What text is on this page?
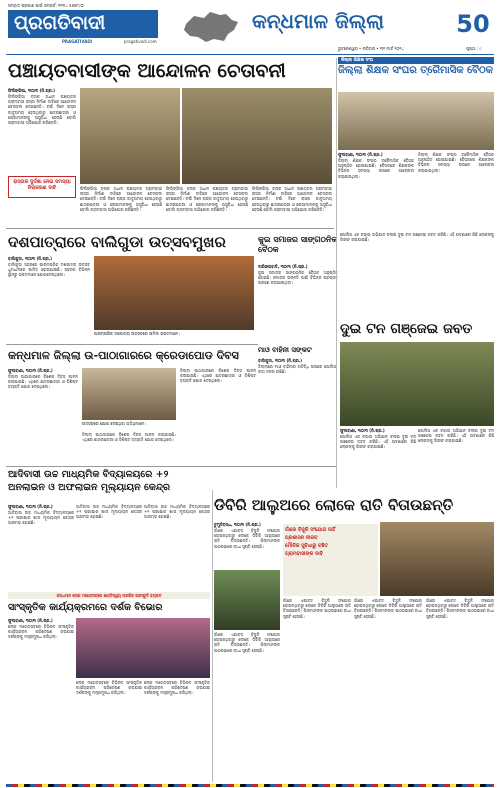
ସମ୍ବାଦ ପ୍ରକାଶ ପାଇଁ ସମ୍ପର୍କ: ୧୨୩୪ ୫୬୭୮୯୦
ପ୍ରଗତିବାଦୀ
PRAGATIVADI	pragativadi.com
କନ୍ଧମାଳ ଜିଲ୍ଲା	50
ଭୁବନେଶ୍ୱର • ରବିବାର • ୩୧ ମାର୍ଚ୍ଚ ୨୦୨୪	ପୃଷ୍ଠା : ୯
ପଞ୍ଚାୟତବାସୀଙ୍କ ଆନ୍ଦୋଳନ ଚେତାବନୀ
ଫିରିଙ୍ଗିଆ, ୩୦ା୩ (ନି.ପ୍ର.)
ଫିରିଙ୍ଗିଆ ବ୍ଲକ ଅଧୀନ ପଞ୍ଚାୟତର ଗ୍ରାମବାସୀ ରାସ୍ତା ନିର୍ମାଣ ଦାବିରେ ଆନ୍ଦୋଳନ ଚେତାବନୀ ଦେଇଛନ୍ତି। ବର୍ଷା ଦିନେ ରାସ୍ତା କାଦୁଅମୟ ହେଉଥିବାରୁ ଛାତ୍ରଛାତ୍ରୀ ଓ ରୋଗୀମାନଙ୍କୁ ଅସୁବିଧା ହେଉଛି ବୋଲି ଗ୍ରାମବାସୀ ଅଭିଯୋଗ କରିଛନ୍ତି।
ରାସ୍ତାର ଦୁର୍ଦ୍ଦଶା ନେଇ ସମସ୍ୟା ନିରାକରଣ ଦାବି	ଫିରିଙ୍ଗିଆ ବ୍ଲକ ଅଧୀନ ପଞ୍ଚାୟତର ଗ୍ରାମବାସୀ ରାସ୍ତା ନିର୍ମାଣ ଦାବିରେ ଆନ୍ଦୋଳନ ଚେତାବନୀ ଦେଇଛନ୍ତି। ବର୍ଷା ଦିନେ ରାସ୍ତା କାଦୁଅମୟ ହେଉଥିବାରୁ ଛାତ୍ରଛାତ୍ରୀ ଓ ରୋଗୀମାନଙ୍କୁ ଅସୁବିଧା ହେଉଛି ବୋଲି ଗ୍ରାମବାସୀ ଅଭିଯୋଗ କରିଛନ୍ତି।
ଫିରିଙ୍ଗିଆ ବ୍ଲକ ଅଧୀନ ପଞ୍ଚାୟତର ଗ୍ରାମବାସୀ ରାସ୍ତା ନିର୍ମାଣ ଦାବିରେ ଆନ୍ଦୋଳନ ଚେତାବନୀ ଦେଇଛନ୍ତି। ବର୍ଷା ଦିନେ ରାସ୍ତା କାଦୁଅମୟ ହେଉଥିବାରୁ ଛାତ୍ରଛାତ୍ରୀ ଓ ରୋଗୀମାନଙ୍କୁ ଅସୁବିଧା ହେଉଛି ବୋଲି ଗ୍ରାମବାସୀ ଅଭିଯୋଗ କରିଛନ୍ତି।
ଫିରିଙ୍ଗିଆ ବ୍ଲକ ଅଧୀନ ପଞ୍ଚାୟତର ଗ୍ରାମବାସୀ ରାସ୍ତା ନିର୍ମାଣ ଦାବିରେ ଆନ୍ଦୋଳନ ଚେତାବନୀ ଦେଇଛନ୍ତି। ବର୍ଷା ଦିନେ ରାସ୍ତା କାଦୁଅମୟ ହେଉଥିବାରୁ ଛାତ୍ରଛାତ୍ରୀ ଓ ରୋଗୀମାନଙ୍କୁ ଅସୁବିଧା ହେଉଛି ବୋଲି ଗ୍ରାମବାସୀ ଅଭିଯୋଗ କରିଛନ୍ତି।
ଜିଲ୍ଲା ଶିକ୍ଷକ ସଂଘ
ଜିଲ୍ଲା ଶିକ୍ଷକ ସଂଘର ତ୍ରୈମାସିକ ବୈଠକ
ଫୁଲବାଣୀ, ୩୦ା୩ (ନି.ପ୍ର.)
ଜିଲ୍ଲା ଶିକ୍ଷକ ସଂଘର ତ୍ରୈମାସିକ ବୈଠକ ଅନୁଷ୍ଠିତ ହୋଇଯାଇଛି। ବୈଠକରେ ଶିକ୍ଷକଙ୍କ ବିଭିନ୍ନ ସମସ୍ୟା ଉପରେ ଆଲୋଚନା କରାଯାଇଥିଲା।
ଜିଲ୍ଲା ଶିକ୍ଷକ ସଂଘର ତ୍ରୈମାସିକ ବୈଠକ ଅନୁଷ୍ଠିତ ହୋଇଯାଇଛି। ବୈଠକରେ ଶିକ୍ଷକଙ୍କ ବିଭିନ୍ନ ସମସ୍ୟା ଉପରେ ଆଲୋଚନା କରାଯାଇଥିଲା।
ଦଶପାତ୍ରାରେ ବାଲିଗୁଡା ଉତ୍ସବମୁଖର
ବାଲିଗୁଡା, ୩୦ା୩ (ନି.ପ୍ର.)
ବାଲିଗୁଡା ସହରରେ ପାରମ୍ପରିକ ଦଶପାତ୍ରା ଉତ୍ସବ ଧୁମଧାମରେ ପାଳିତ ହୋଇଯାଇଛି। ସହରର ବିଭିନ୍ନ ସ୍ଥାନରୁ ଭକ୍ତମାନେ ଯୋଗଦେଇଥିଲେ।
ପାରମ୍ପରିକ ଦଶପାତ୍ରା ଉତ୍ସବରେ ସାମିଲ ଭକ୍ତମାନେ।
କୁଇ ସମାଜର ସାଙ୍ଗଠନିକ ବୈଠକ
ଦାରିଙ୍ଗବାଡି, ୩୦ା୩ (ନି.ପ୍ର.)
କୁଇ ସମାଜର ସାଙ୍ଗଠନିକ ବୈଠକ ଅନୁଷ୍ଠିତ ହୋଇଛି। ସମାଜର ଉନ୍ନତି ପାଇଁ ବିଭିନ୍ନ ପ୍ରସ୍ତାବ ଗ୍ରହଣ କରାଯାଇଥିଲା।
ପୋଲିସ ଏକ ଚଢାଉ ଅଭିଯାନ ଚଳାଇ ଦୁଇ ଟନ ଗଞ୍ଜେଇ ଜବତ କରିଛି। ଏହି ଘଟଣାରେ କିଛି ଲୋକଙ୍କୁ ଗିରଫ କରାଯାଇଛି।
ଦୁଇ ଟନ ଗଞ୍ଜେଇ ଜବତ
ଫୁଲବାଣୀ, ୩୦ା୩ (ନି.ପ୍ର.)
ପୋଲିସ ଏକ ଚଢାଉ ଅଭିଯାନ ଚଳାଇ ଦୁଇ ଟନ ଗଞ୍ଜେଇ ଜବତ କରିଛି। ଏହି ଘଟଣାରେ କିଛି ଲୋକଙ୍କୁ ଗିରଫ କରାଯାଇଛି।
ପୋଲିସ ଏକ ଚଢାଉ ଅଭିଯାନ ଚଳାଇ ଦୁଇ ଟନ ଗଞ୍ଜେଇ ଜବତ କରିଛି। ଏହି ଘଟଣାରେ କିଛି ଲୋକଙ୍କୁ ଗିରଫ କରାଯାଇଛି।
କନ୍ଧମାଳ ଜିଲ୍ଲା ଉ-ପାଠାଗାରରେ କ୍ରେଡାପୋଡ ଦିବସ
ଫୁଲବାଣୀ, ୩୦ା୩ (ନି.ପ୍ର.)
ଜିଲ୍ଲା ପାଠାଗାରରେ ବିଶେଷ ଦିବସ ପାଳନ କରାଯାଇଛି। ଏଥିରେ ଛାତ୍ରଛାତ୍ରୀ ଓ ବିଶିଷ୍ଟ ବ୍ୟକ୍ତି ଯୋଗ ଦେଇଥିଲେ।
ଉତ୍ସବରେ ଯୋଗ ଦେଇଥିବା ଅତିଥିମାନେ।
ଜିଲ୍ଲା ପାଠାଗାରରେ ବିଶେଷ ଦିବସ ପାଳନ କରାଯାଇଛି। ଏଥିରେ ଛାତ୍ରଛାତ୍ରୀ ଓ ବିଶିଷ୍ଟ ବ୍ୟକ୍ତି ଯୋଗ ଦେଇଥିଲେ।
ଜିଲ୍ଲା ପାଠାଗାରରେ ବିଶେଷ ଦିବସ ପାଳନ କରାଯାଇଛି। ଏଥିରେ ଛାତ୍ରଛାତ୍ରୀ ଓ ବିଶିଷ୍ଟ ବ୍ୟକ୍ତି ଯୋଗ ଦେଇଥିଲେ।
ମାଓ ବାହିନୀ ସଙ୍କଟ
ବାଲିଗୁଡା, ୩୦ା୩ (ନି.ପ୍ର.)
ଜିଲ୍ଲାରେ ମାଓ ବାହିନୀର ଗତିବିଧି ଉପରେ ପୋଲିସ କଡା ନଜର ରଖିଛି।
ଆଦିବାସୀ ଉଚ୍ଚ ମାଧ୍ୟମିକ ବିଦ୍ୟାଳୟରେ +୨ ଅନଲାଇନ ଓ ଅଫଲାଇନ ମୂଲ୍ୟାୟନ କେନ୍ଦ୍ର
ଫୁଲବାଣୀ, ୩୦ା୩ (ନି.ପ୍ର.)
ଆଦିବାସୀ ଉଚ୍ଚ ମାଧ୍ୟମିକ ବିଦ୍ୟାଳୟରେ +୨ ପରୀକ୍ଷାର ଖାତା ମୂଲ୍ୟାୟନ କେନ୍ଦ୍ର ଆରମ୍ଭ ହୋଇଛି।
ଆଦିବାସୀ ଉଚ୍ଚ ମାଧ୍ୟମିକ ବିଦ୍ୟାଳୟରେ +୨ ପରୀକ୍ଷାର ଖାତା ମୂଲ୍ୟାୟନ କେନ୍ଦ୍ର ଆରମ୍ଭ ହୋଇଛି।
ଆଦିବାସୀ ଉଚ୍ଚ ମାଧ୍ୟମିକ ବିଦ୍ୟାଳୟରେ +୨ ପରୀକ୍ଷାର ଖାତା ମୂଲ୍ୟାୟନ କେନ୍ଦ୍ର ଆରମ୍ଭ ହୋଇଛି।
କନ୍ଧମାଳ ଲୋକ ମହୋତ୍ସବରେ ଶାନ୍ତିସ୍ୱୟ ନାଗରିକ ପ୍ରସ୍ତୁତି ବ୍ୟକ୍ତ
ସାଂସ୍କୃତିକ କାର୍ଯ୍ୟକ୍ରମରେ ଦର୍ଶକ ବିଭୋର
ଫୁଲବାଣୀ, ୩୦ା୩ (ନି.ପ୍ର.)
ଲୋକ ମହୋତ୍ସବରେ ବିଭିନ୍ନ ସାଂସ୍କୃତିକ କାର୍ଯ୍ୟକ୍ରମ ପରିବେଷଣ କରାଯାଇ ଦର୍ଶକଙ୍କୁ ମନ୍ତ୍ରମୁଗ୍ଧ କରିଥିଲା।
ଲୋକ ମହୋତ୍ସବରେ ବିଭିନ୍ନ ସାଂସ୍କୃତିକ କାର୍ଯ୍ୟକ୍ରମ ପରିବେଷଣ କରାଯାଇ ଦର୍ଶକଙ୍କୁ ମନ୍ତ୍ରମୁଗ୍ଧ କରିଥିଲା।
ଲୋକ ମହୋତ୍ସବରେ ବିଭିନ୍ନ ସାଂସ୍କୃତିକ କାର୍ଯ୍ୟକ୍ରମ ପରିବେଷଣ କରାଯାଇ ଦର୍ଶକଙ୍କୁ ମନ୍ତ୍ରମୁଗ୍ଧ କରିଥିଲା।
ଡିବିରି ଆଲୁଅରେ ଲୋକେ ରାତି ବିତାଉଛନ୍ତି
ତୁମୁଡିବନ୍ଧ, ୩୦ା୩ (ନି.ପ୍ର.)
ଗାଁରେ ଏଯାବତ ବିଜୁଳି ସଂଯୋଗ ହୋଇନଥିବାରୁ ଲୋକେ ଡିବିରି ଆଲୁଅରେ ରାତି ବିତାଉଛନ୍ତି। ପିଲାମାନଙ୍କ ପାଠପଢାରେ ବାଧା ସୃଷ୍ଟି ହେଉଛି।
ଗାଁରେ ବିଜୁଳି ସଂଯୋଗ ନାହିଁ
ପ୍ରଶାସନ ନୀରବ
ମୌଳିକ ସୁବିଧାରୁ ବଞ୍ଚିତ
ଗ୍ରାମବାସୀଙ୍କ ଦାବି
ଗାଁରେ ଏଯାବତ ବିଜୁଳି ସଂଯୋଗ ହୋଇନଥିବାରୁ ଲୋକେ ଡିବିରି ଆଲୁଅରେ ରାତି ବିତାଉଛନ୍ତି। ପିଲାମାନଙ୍କ ପାଠପଢାରେ ବାଧା ସୃଷ୍ଟି ହେଉଛି।
ଗାଁରେ ଏଯାବତ ବିଜୁଳି ସଂଯୋଗ ହୋଇନଥିବାରୁ ଲୋକେ ଡିବିରି ଆଲୁଅରେ ରାତି ବିତାଉଛନ୍ତି। ପିଲାମାନଙ୍କ ପାଠପଢାରେ ବାଧା ସୃଷ୍ଟି ହେଉଛି।
ଗାଁରେ ଏଯାବତ ବିଜୁଳି ସଂଯୋଗ ହୋଇନଥିବାରୁ ଲୋକେ ଡିବିରି ଆଲୁଅରେ ରାତି ବିତାଉଛନ୍ତି। ପିଲାମାନଙ୍କ ପାଠପଢାରେ ବାଧା ସୃଷ୍ଟି ହେଉଛି।
ଗାଁରେ ଏଯାବତ ବିଜୁଳି ସଂଯୋଗ ହୋଇନଥିବାରୁ ଲୋକେ ଡିବିରି ଆଲୁଅରେ ରାତି ବିତାଉଛନ୍ତି। ପିଲାମାନଙ୍କ ପାଠପଢାରେ ବାଧା ସୃଷ୍ଟି ହେଉଛି।
